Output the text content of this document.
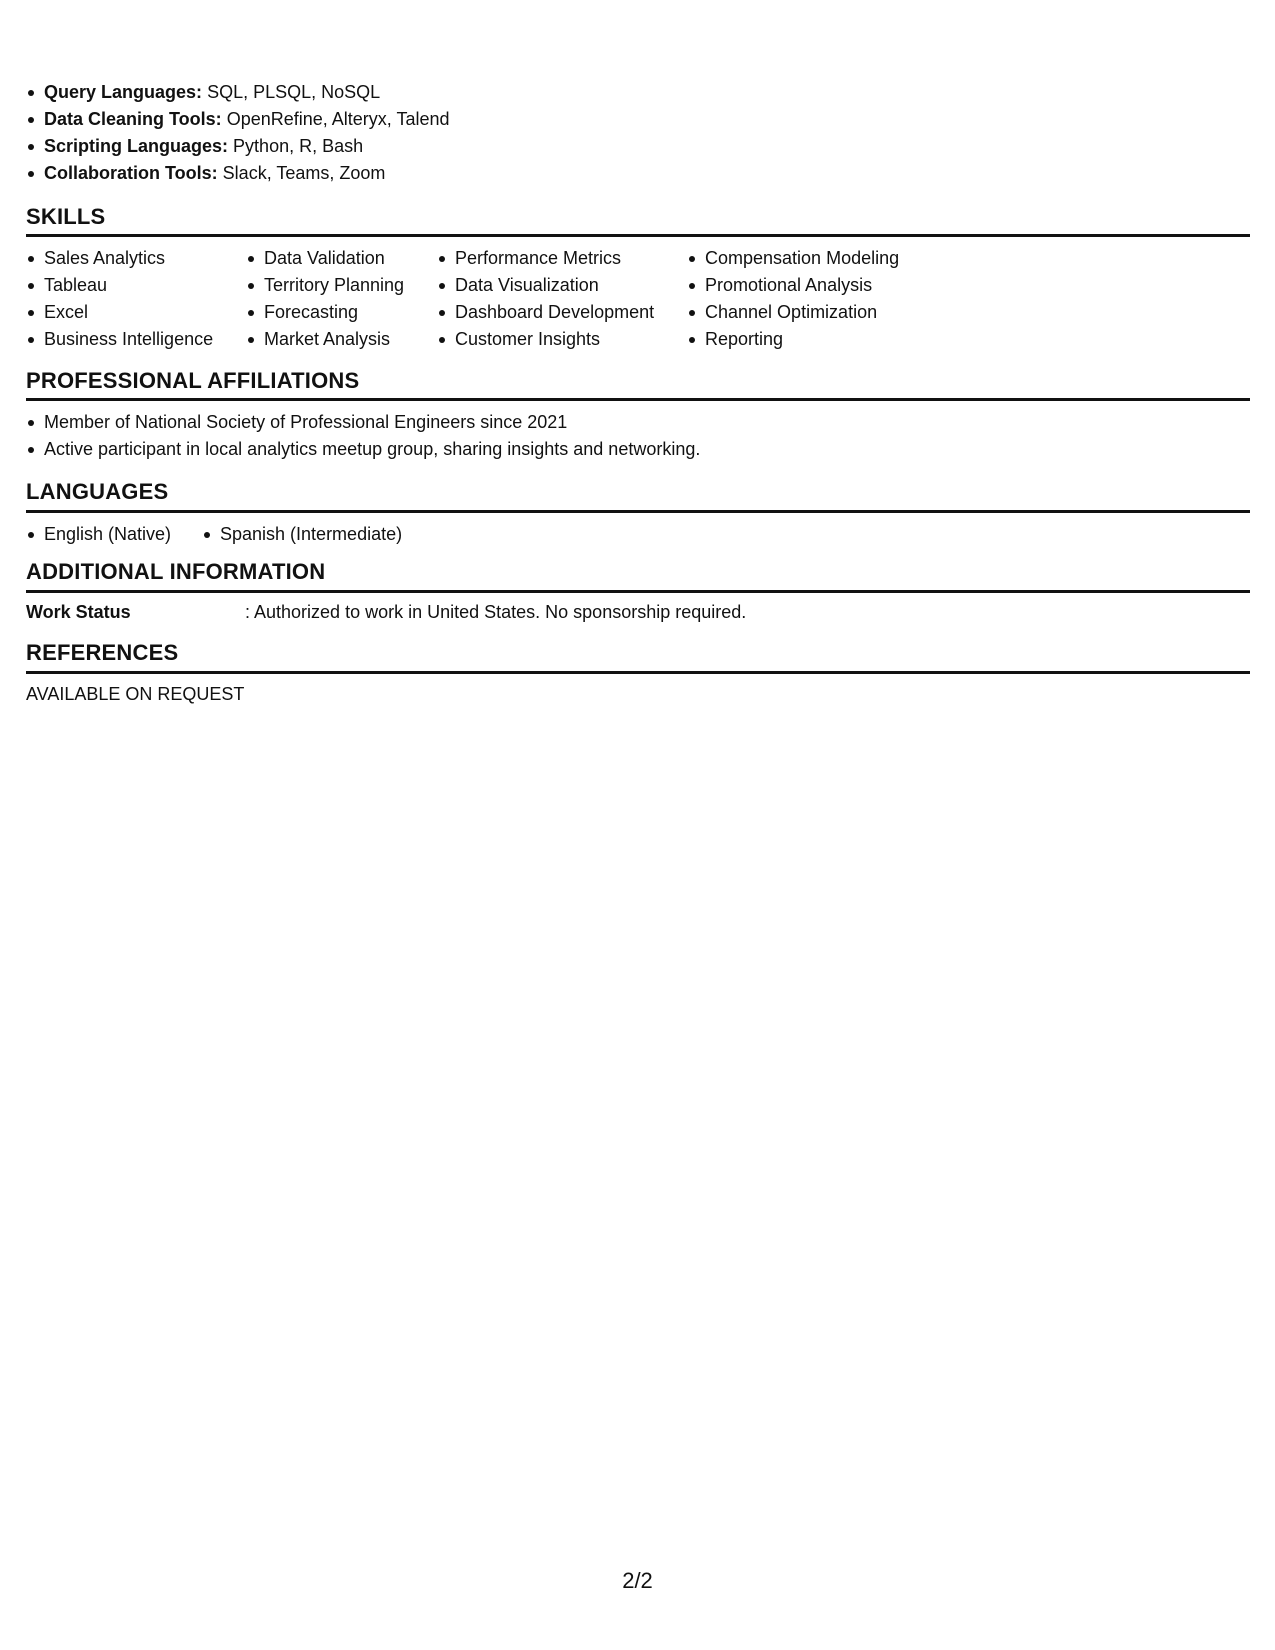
Query Languages: SQL, PLSQL, NoSQL
Data Cleaning Tools: OpenRefine, Alteryx, Talend
Scripting Languages: Python, R, Bash
Collaboration Tools: Slack, Teams, Zoom
SKILLS
Sales Analytics
Tableau
Excel
Business Intelligence
Data Validation
Territory Planning
Forecasting
Market Analysis
Performance Metrics
Data Visualization
Dashboard Development
Customer Insights
Compensation Modeling
Promotional Analysis
Channel Optimization
Reporting
PROFESSIONAL AFFILIATIONS
Member of National Society of Professional Engineers since 2021
Active participant in local analytics meetup group, sharing insights and networking.
LANGUAGES
English (Native)	Spanish (Intermediate)
ADDITIONAL INFORMATION
Work Status	: Authorized to work in United States. No sponsorship required.
REFERENCES
AVAILABLE ON REQUEST
2/2
